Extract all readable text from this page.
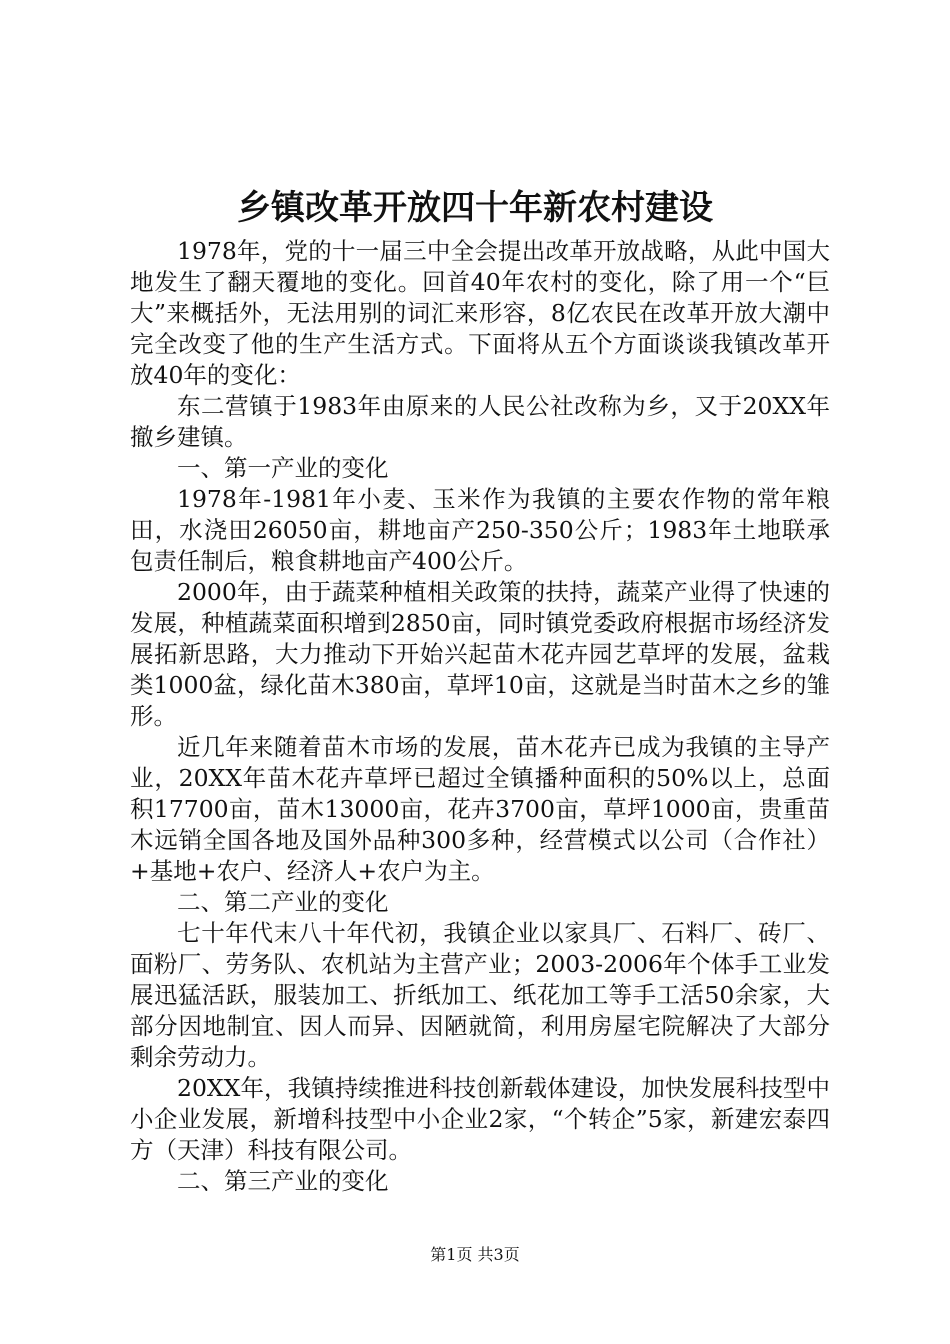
乡镇改革开放四十年新农村建设

1978年，党的十一届三中全会提出改革开放战略，从此中国大地发生了翻天覆地的变化。回首40年农村的变化，除了用一个“巨大”来概括外，无法用别的词汇来形容，8亿农民在改革开放大潮中完全改变了他的生产生活方式。下面将从五个方面谈谈我镇改革开放40年的变化：

东二营镇于1983年由原来的人民公社改称为乡，又于20XX年撤乡建镇。

一、第一产业的变化

1978年-1981年小麦、玉米作为我镇的主要农作物的常年粮田，水浇田26050亩，耕地亩产250-350公斤；1983年土地联承包责任制后，粮食耕地亩产400公斤。

2000年，由于蔬菜种植相关政策的扶持，蔬菜产业得了快速的发展，种植蔬菜面积增到2850亩，同时镇党委政府根据市场经济发展拓新思路，大力推动下开始兴起苗木花卉园艺草坪的发展，盆栽类1000盆，绿化苗木380亩，草坪10亩，这就是当时苗木之乡的雏形。

近几年来随着苗木市场的发展，苗木花卉已成为我镇的主导产业，20XX年苗木花卉草坪已超过全镇播种面积的50%以上，总面积17700亩，苗木13000亩，花卉3700亩，草坪1000亩，贵重苗木远销全国各地及国外品种300多种，经营模式以公司（合作社）+基地+农户、经济人+农户为主。

二、第二产业的变化

七十年代末八十年代初，我镇企业以家具厂、石料厂、砖厂、面粉厂、劳务队、农机站为主营产业；2003-2006年个体手工业发展迅猛活跃，服装加工、折纸加工、纸花加工等手工活50余家，大部分因地制宜、因人而异、因陋就简，利用房屋宅院解决了大部分剩余劳动力。

20XX年，我镇持续推进科技创新载体建设，加快发展科技型中小企业发展，新增科技型中小企业2家，“个转企”5家，新建宏泰四方（天津）科技有限公司。

二、第三产业的变化

第1页 共3页
